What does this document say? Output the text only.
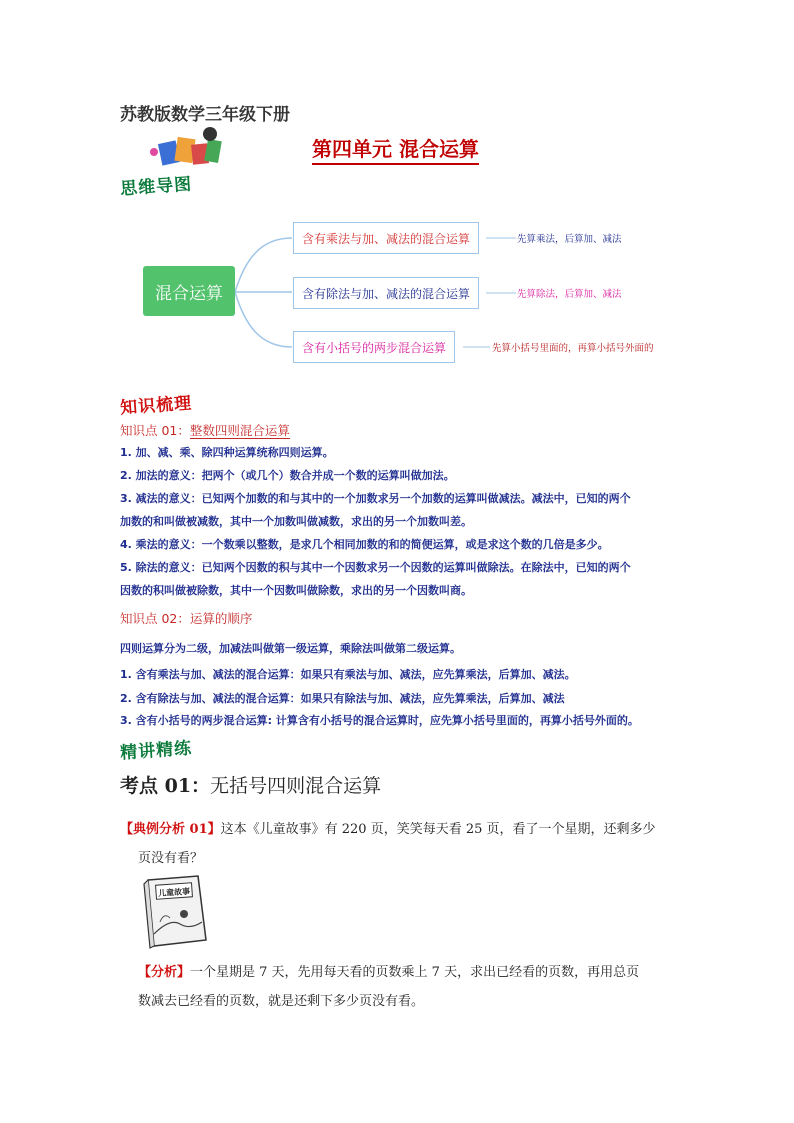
苏教版数学三年级下册
第四单元 混合运算
思维导图
混合运算
含有乘法与加、减法的混合运算
含有除法与加、减法的混合运算
含有小括号的两步混合运算
先算乘法，后算加、减法
先算除法，后算加、减法
先算小括号里面的，再算小括号外面的
知识梳理
知识点 01：整数四则混合运算
1. 加、减、乘、除四种运算统称四则运算。
2. 加法的意义：把两个（或几个）数合并成一个数的运算叫做加法。
3. 减法的意义：已知两个加数的和与其中的一个加数求另一个加数的运算叫做减法。减法中，已知的两个
加数的和叫做被减数，其中一个加数叫做减数，求出的另一个加数叫差。
4. 乘法的意义：一个数乘以整数，是求几个相同加数的和的简便运算，或是求这个数的几倍是多少。
5. 除法的意义：已知两个因数的积与其中一个因数求另一个因数的运算叫做除法。在除法中，已知的两个
因数的积叫做被除数，其中一个因数叫做除数，求出的另一个因数叫商。
知识点 02：运算的顺序
四则运算分为二级，加减法叫做第一级运算，乘除法叫做第二级运算。
1. 含有乘法与加、减法的混合运算：如果只有乘法与加、减法，应先算乘法，后算加、减法。
2. 含有除法与加、减法的混合运算：如果只有除法与加、减法，应先算乘法，后算加、减法
3. 含有小括号的两步混合运算: 计算含有小括号的混合运算时，应先算小括号里面的，再算小括号外面的。
精讲精练
考点 01：无括号四则混合运算
【典例分析 01】这本《儿童故事》有 220 页，笑笑每天看 25 页，看了一个星期，还剩多少
页没有看？
儿童故事
【分析】一个星期是 7 天，先用每天看的页数乘上 7 天，求出已经看的页数，再用总页
数减去已经看的页数，就是还剩下多少页没有看。
